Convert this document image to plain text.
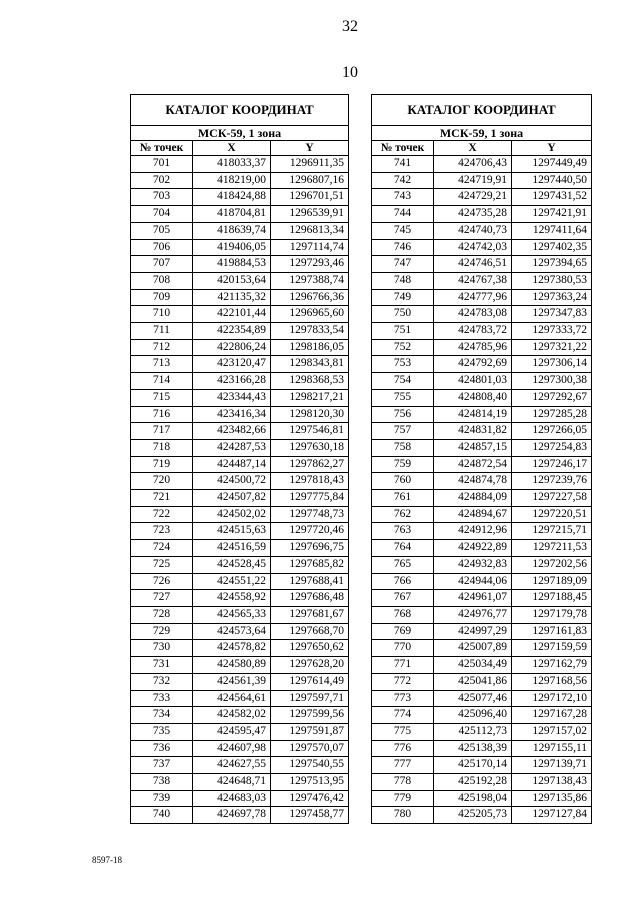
32
10
КАТАЛОГ КООРДИНАТ		
МСК-59, 1 зона		
№ точек	X	Y
701	418033,37	1296911,35
702	418219,00	1296807,16
703	418424,88	1296701,51
704	418704,81	1296539,91
705	418639,74	1296813,34
706	419406,05	1297114,74
707	419884,53	1297293,46
708	420153,64	1297388,74
709	421135,32	1296766,36
710	422101,44	1296965,60
711	422354,89	1297833,54
712	422806,24	1298186,05
713	423120,47	1298343,81
714	423166,28	1298368,53
715	423344,43	1298217,21
716	423416,34	1298120,30
717	423482,66	1297546,81
718	424287,53	1297630,18
719	424487,14	1297862,27
720	424500,72	1297818,43
721	424507,82	1297775,84
722	424502,02	1297748,73
723	424515,63	1297720,46
724	424516,59	1297696,75
725	424528,45	1297685,82
726	424551,22	1297688,41
727	424558,92	1297686,48
728	424565,33	1297681,67
729	424573,64	1297668,70
730	424578,82	1297650,62
731	424580,89	1297628,20
732	424561,39	1297614,49
733	424564,61	1297597,71
734	424582,02	1297599,56
735	424595,47	1297591,87
736	424607,98	1297570,07
737	424627,55	1297540,55
738	424648,71	1297513,95
739	424683,03	1297476,42
740	424697,78	1297458,77
КАТАЛОГ КООРДИНАТ		
МСК-59, 1 зона		
№ точек	X	Y
741	424706,43	1297449,49
742	424719,91	1297440,50
743	424729,21	1297431,52
744	424735,28	1297421,91
745	424740,73	1297411,64
746	424742,03	1297402,35
747	424746,51	1297394,65
748	424767,38	1297380,53
749	424777,96	1297363,24
750	424783,08	1297347,83
751	424783,72	1297333,72
752	424785,96	1297321,22
753	424792,69	1297306,14
754	424801,03	1297300,38
755	424808,40	1297292,67
756	424814,19	1297285,28
757	424831,82	1297266,05
758	424857,15	1297254,83
759	424872,54	1297246,17
760	424874,78	1297239,76
761	424884,09	1297227,58
762	424894,67	1297220,51
763	424912,96	1297215,71
764	424922,89	1297211,53
765	424932,83	1297202,56
766	424944,06	1297189,09
767	424961,07	1297188,45
768	424976,77	1297179,78
769	424997,29	1297161,83
770	425007,89	1297159,59
771	425034,49	1297162,79
772	425041,86	1297168,56
773	425077,46	1297172,10
774	425096,40	1297167,28
775	425112,73	1297157,02
776	425138,39	1297155,11
777	425170,14	1297139,71
778	425192,28	1297138,43
779	425198,04	1297135,86
780	425205,73	1297127,84
8597-18
